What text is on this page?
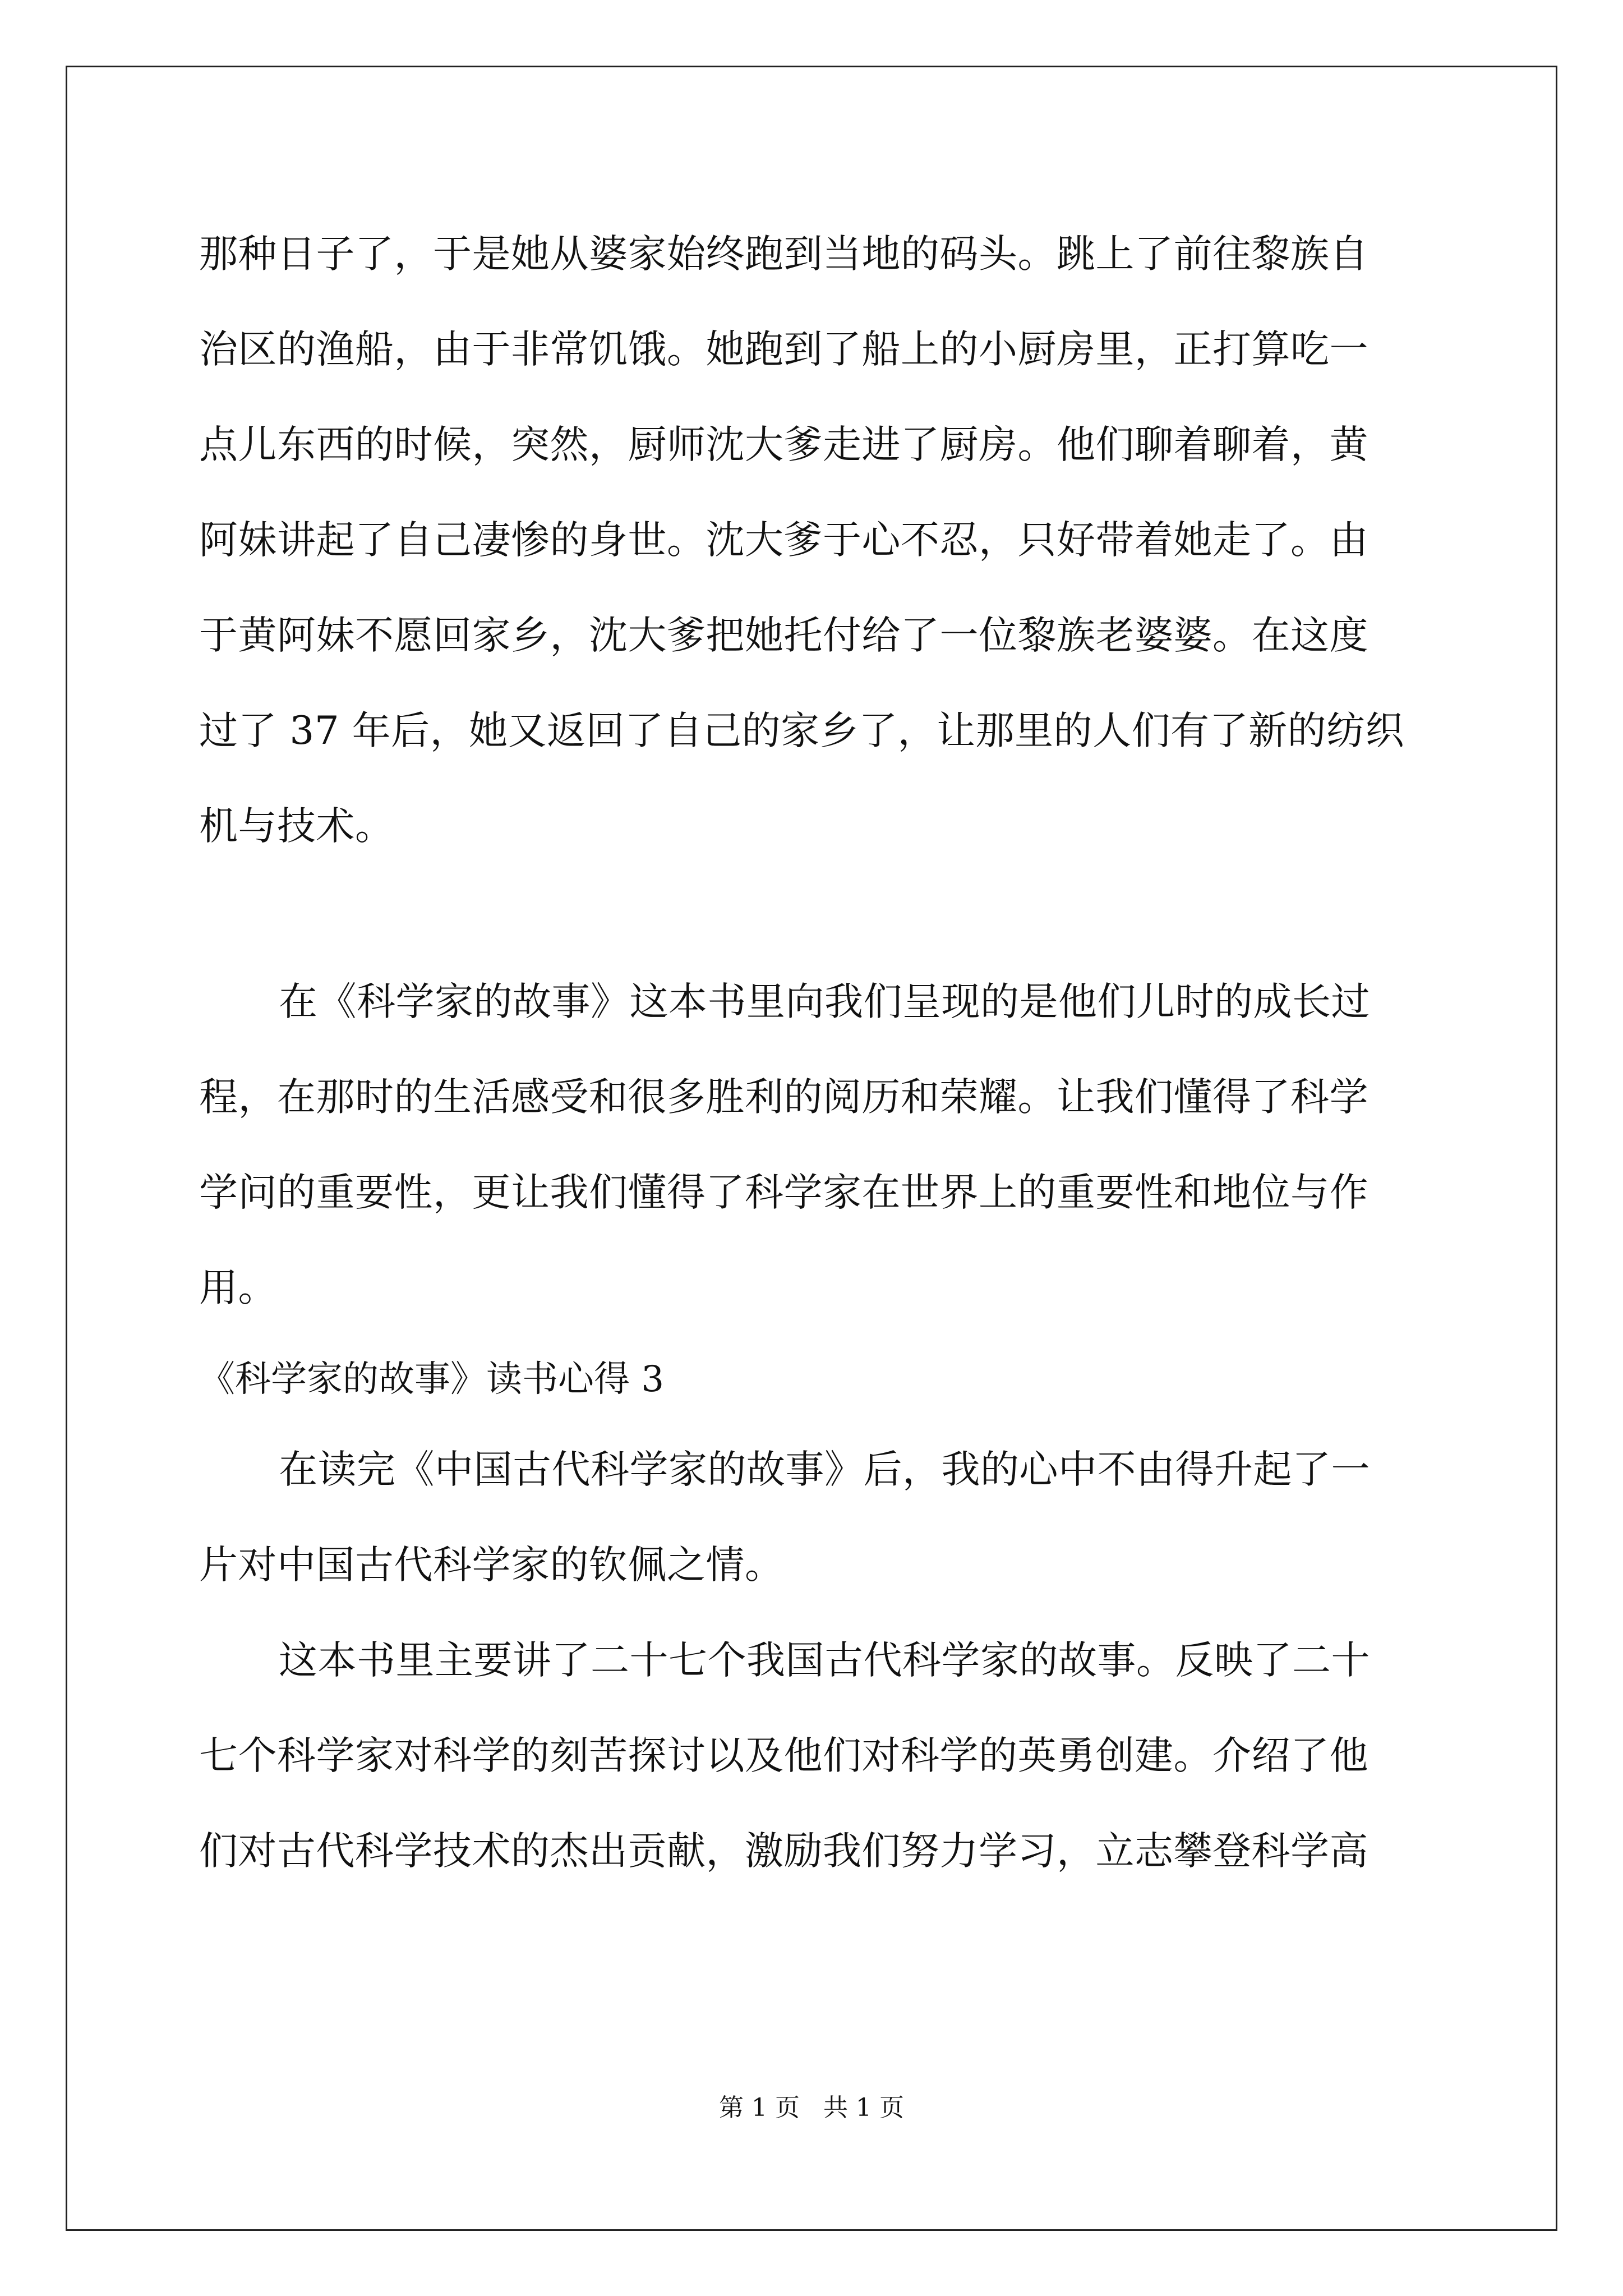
那种日子了，于是她从婆家始终跑到当地的码头。跳上了前往黎族自
治区的渔船，由于非常饥饿。她跑到了船上的小厨房里，正打算吃一
点儿东西的时候，突然，厨师沈大爹走进了厨房。他们聊着聊着，黄
阿妹讲起了自己凄惨的身世。沈大爹于心不忍，只好带着她走了。由
于黄阿妹不愿回家乡，沈大爹把她托付给了一位黎族老婆婆。在这度
过了 37 年后，她又返回了自己的家乡了，让那里的人们有了新的纺织
机与技术。
在《科学家的故事》这本书里向我们呈现的是他们儿时的成长过
程，在那时的生活感受和很多胜利的阅历和荣耀。让我们懂得了科学
学问的重要性，更让我们懂得了科学家在世界上的重要性和地位与作
用。
《科学家的故事》读书心得 3
在读完《中国古代科学家的故事》后，我的心中不由得升起了一
片对中国古代科学家的钦佩之情。
这本书里主要讲了二十七个我国古代科学家的故事。反映了二十
七个科学家对科学的刻苦探讨以及他们对科学的英勇创建。介绍了他
们对古代科学技术的杰出贡献，激励我们努力学习，立志攀登科学高
第 1 页   共 1 页
